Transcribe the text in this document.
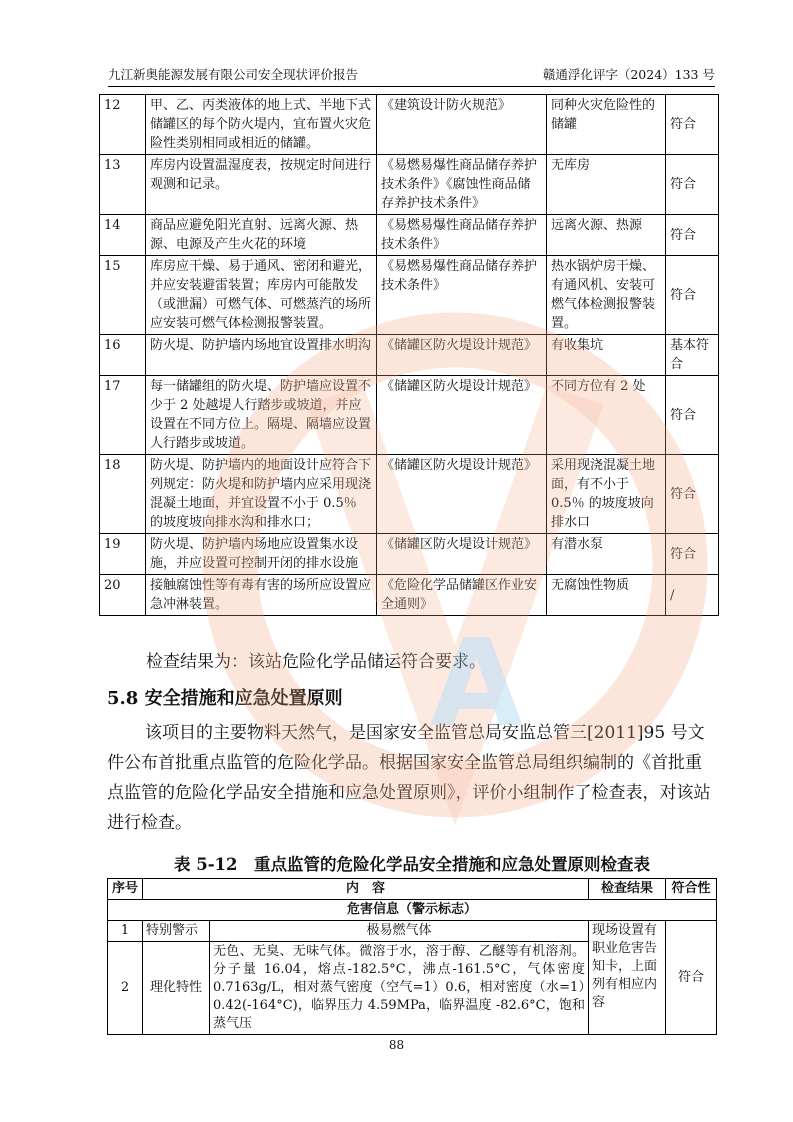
九江新奥能源发展有限公司安全现状评价报告	赣通浮化评字（2024）133 号
12	甲、乙、丙类液体的地上式、半地下式储罐区的每个防火堤内，宜布置火灾危险性类别相同或相近的储罐。	《建筑设计防火规范》	同种火灾危险性的储罐	符合
13	库房内设置温湿度表，按规定时间进行观测和记录。	《易燃易爆性商品储存养护技术条件》《腐蚀性商品储存养护技术条件》	无库房	符合
14	商品应避免阳光直射、远离火源、热源、电源及产生火花的环境	《易燃易爆性商品储存养护技术条件》	远离火源、热源	符合
15	库房应干燥、易于通风、密闭和避光，并应安装避雷装置；库房内可能散发（或泄漏）可燃气体、可燃蒸汽的场所应安装可燃气体检测报警装置。	《易燃易爆性商品储存养护技术条件》	热水锅炉房干燥、有通风机、安装可燃气体检测报警装置。	符合
16	防火堤、防护墙内场地宜设置排水明沟	《储罐区防火堤设计规范》	有收集坑	基本符合
17	每一储罐组的防火堤、防护墙应设置不少于 2 处越堤人行踏步或坡道，并应设置在不同方位上。隔堤、隔墙应设置人行踏步或坡道。	《储罐区防火堤设计规范》	不同方位有 2 处	符合
18	防火堤、防护墙内的地面设计应符合下列规定：防火堤和防护墙内应采用现浇混凝土地面，并宜设置不小于 0.5％ 的坡度坡向排水沟和排水口；	《储罐区防火堤设计规范》	采用现浇混凝土地面，有不小于 0.5％ 的坡度坡向排水口	符合
19	防火堤、防护墙内场地应设置集水设施，并应设置可控制开闭的排水设施	《储罐区防火堤设计规范》	有潜水泵	符合
20	接触腐蚀性等有毒有害的场所应设置应急冲淋装置。	《危险化学品储罐区作业安全通则》	无腐蚀性物质	/
检查结果为：该站危险化学品储运符合要求。
5.8 安全措施和应急处置原则
该项目的主要物料天然气，是国家安全监管总局安监总管三[2011]95 号文件公布首批重点监管的危险化学品。根据国家安全监管总局组织编制的《首批重点监管的危险化学品安全措施和应急处置原则》，评价小组制作了检查表，对该站进行检查。
表 5-12　重点监管的危险化学品安全措施和应急处置原则检查表
序号	内　容		检查结果	符合性
危害信息（警示标志）				
1	特别警示	极易燃气体	现场设置有职业危害告知卡，上面列有相应内容	符合
2	理化特性	无色、无臭、无味气体。微溶于水，溶于醇、乙醚等有机溶剂。分子量 16.04，熔点-182.5°C，沸点-161.5°C，气体密度 0.7163g/L，相对蒸气密度（空气=1）0.6，相对密度（水=1）0.42(-164°C)，临界压力 4.59MPa，临界温度 -82.6°C，饱和蒸气压		
88
A
